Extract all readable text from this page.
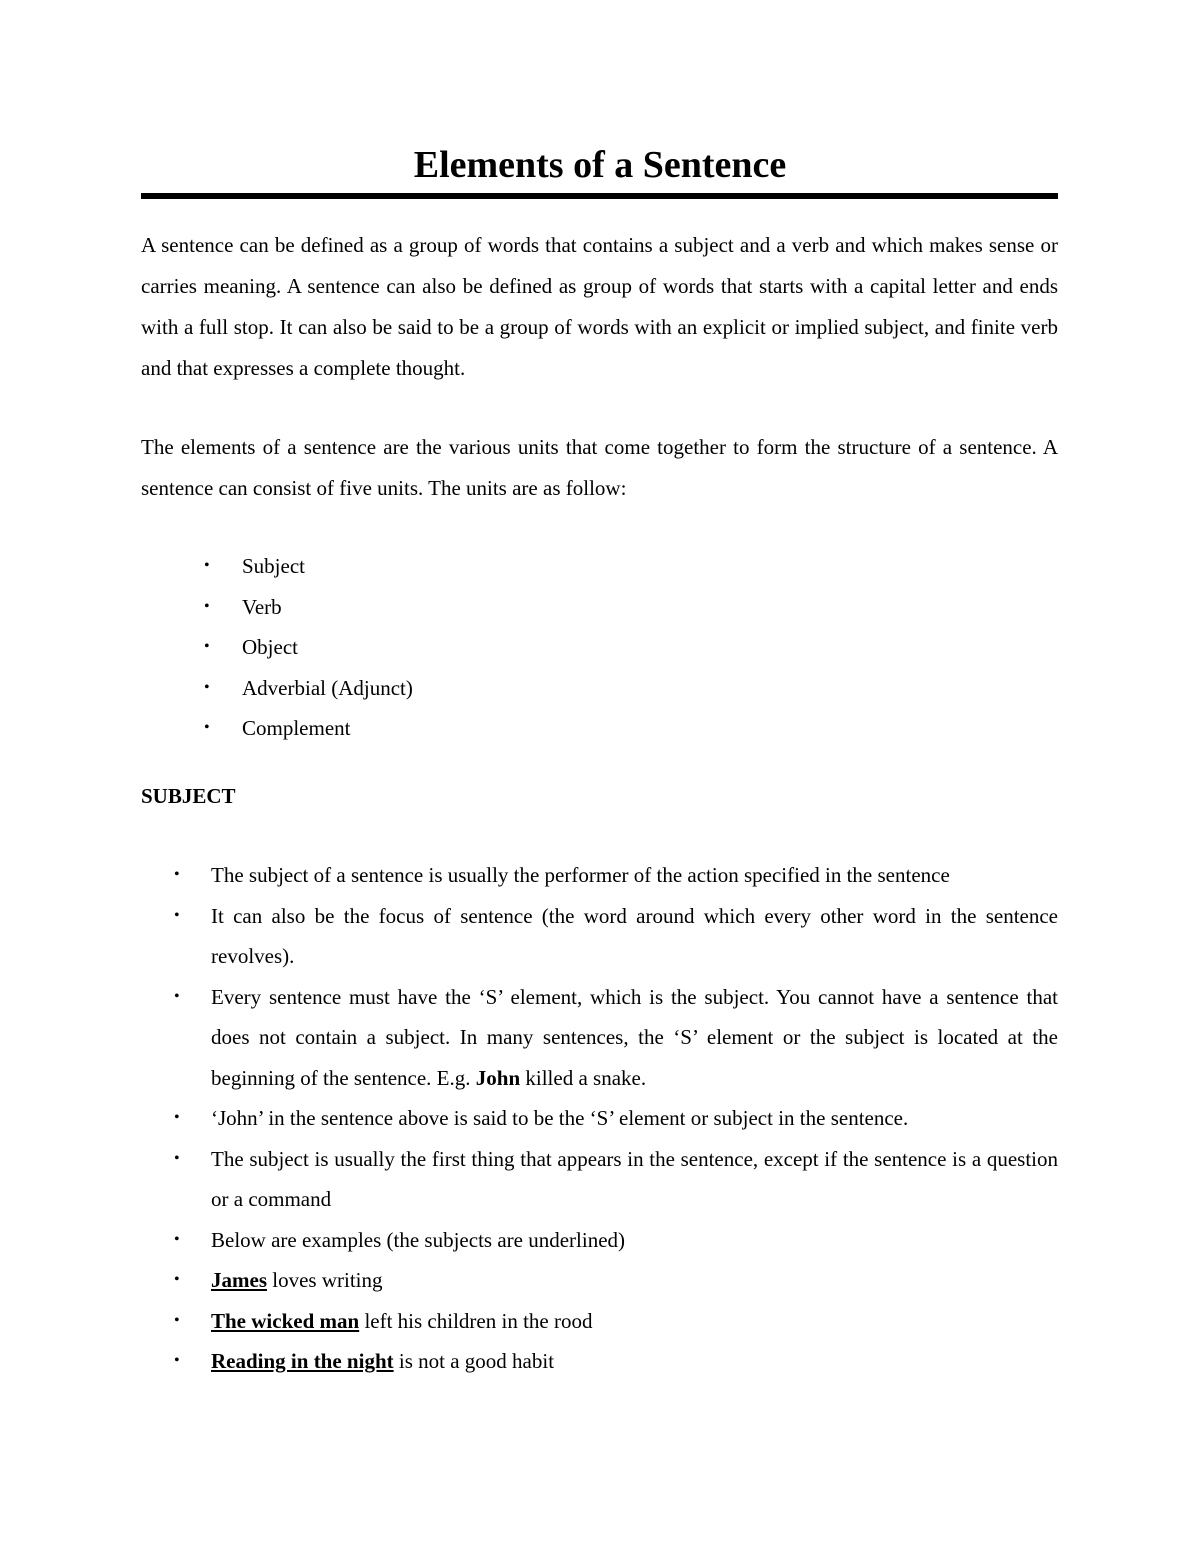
Elements of a Sentence

A sentence can be defined as a group of words that contains a subject and a verb and which makes sense or carries meaning. A sentence can also be defined as group of words that starts with a capital letter and ends with a full stop. It can also be said to be a group of words with an explicit or implied subject, and finite verb and that expresses a complete thought.

The elements of a sentence are the various units that come together to form the structure of a sentence. A sentence can consist of five units. The units are as follow:

• Subject
• Verb
• Object
• Adverbial (Adjunct)
• Complement
SUBJECT
• The subject of a sentence is usually the performer of the action specified in the sentence
• It can also be the focus of sentence (the word around which every other word in the sentence revolves).
• Every sentence must have the ‘S’ element, which is the subject. You cannot have a sentence that does not contain a subject. In many sentences, the ‘S’ element or the subject is located at the beginning of the sentence. E.g. John killed a snake.
• ‘John’ in the sentence above is said to be the ‘S’ element or subject in the sentence.
• The subject is usually the first thing that appears in the sentence, except if the sentence is a question or a command
• Below are examples (the subjects are underlined)
• James loves writing
• The wicked man left his children in the rood
• Reading in the night is not a good habit
